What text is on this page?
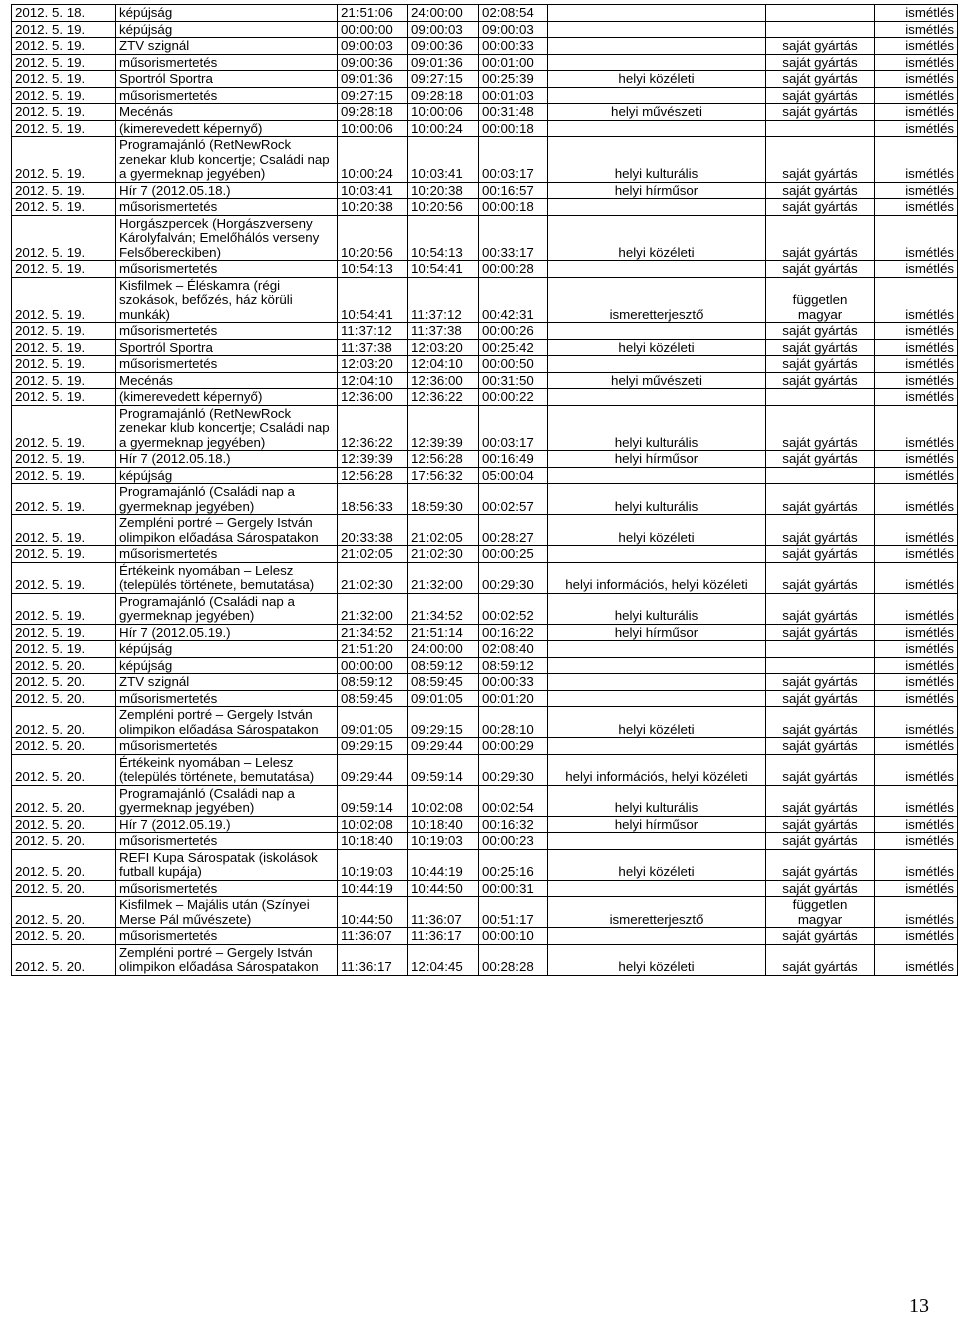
2012. 5. 18.	képújság	21:51:06	24:00:00	02:08:54			ismétlés
2012. 5. 19.	képújság	00:00:00	09:00:03	09:00:03			ismétlés
2012. 5. 19.	ZTV szignál	09:00:03	09:00:36	00:00:33		saját gyártás	ismétlés
2012. 5. 19.	műsorismertetés	09:00:36	09:01:36	00:01:00		saját gyártás	ismétlés
2012. 5. 19.	Sportról Sportra	09:01:36	09:27:15	00:25:39	helyi közéleti	saját gyártás	ismétlés
2012. 5. 19.	műsorismertetés	09:27:15	09:28:18	00:01:03		saját gyártás	ismétlés
2012. 5. 19.	Mecénás	09:28:18	10:00:06	00:31:48	helyi művészeti	saját gyártás	ismétlés
2012. 5. 19.	(kimerevedett képernyő)	10:00:06	10:00:24	00:00:18			ismétlés
2012. 5. 19.	Programajánló (RetNewRock zenekar klub koncertje; Családi nap a gyermeknap jegyében)	10:00:24	10:03:41	00:03:17	helyi kulturális	saját gyártás	ismétlés
2012. 5. 19.	Hír 7 (2012.05.18.)	10:03:41	10:20:38	00:16:57	helyi hírműsor	saját gyártás	ismétlés
2012. 5. 19.	műsorismertetés	10:20:38	10:20:56	00:00:18		saját gyártás	ismétlés
2012. 5. 19.	Horgászpercek (Horgászverseny Károlyfalván; Emelőhálós verseny Felsőbereckiben)	10:20:56	10:54:13	00:33:17	helyi közéleti	saját gyártás	ismétlés
2012. 5. 19.	műsorismertetés	10:54:13	10:54:41	00:00:28		saját gyártás	ismétlés
2012. 5. 19.	Kisfilmek – Éléskamra (régi szokások, befőzés, ház körüli munkák)	10:54:41	11:37:12	00:42:31	ismeretterjesztő	független magyar	ismétlés
2012. 5. 19.	műsorismertetés	11:37:12	11:37:38	00:00:26		saját gyártás	ismétlés
2012. 5. 19.	Sportról Sportra	11:37:38	12:03:20	00:25:42	helyi közéleti	saját gyártás	ismétlés
2012. 5. 19.	műsorismertetés	12:03:20	12:04:10	00:00:50		saját gyártás	ismétlés
2012. 5. 19.	Mecénás	12:04:10	12:36:00	00:31:50	helyi művészeti	saját gyártás	ismétlés
2012. 5. 19.	(kimerevedett képernyő)	12:36:00	12:36:22	00:00:22			ismétlés
2012. 5. 19.	Programajánló (RetNewRock zenekar klub koncertje; Családi nap a gyermeknap jegyében)	12:36:22	12:39:39	00:03:17	helyi kulturális	saját gyártás	ismétlés
2012. 5. 19.	Hír 7 (2012.05.18.)	12:39:39	12:56:28	00:16:49	helyi hírműsor	saját gyártás	ismétlés
2012. 5. 19.	képújság	12:56:28	17:56:32	05:00:04			ismétlés
2012. 5. 19.	Programajánló (Családi nap a gyermeknap jegyében)	18:56:33	18:59:30	00:02:57	helyi kulturális	saját gyártás	ismétlés
2012. 5. 19.	Zempléni portré – Gergely István olimpikon előadása Sárospatakon	20:33:38	21:02:05	00:28:27	helyi közéleti	saját gyártás	ismétlés
2012. 5. 19.	műsorismertetés	21:02:05	21:02:30	00:00:25		saját gyártás	ismétlés
2012. 5. 19.	Értékeink nyomában – Lelesz (település története, bemutatása)	21:02:30	21:32:00	00:29:30	helyi információs, helyi közéleti	saját gyártás	ismétlés
2012. 5. 19.	Programajánló (Családi nap a gyermeknap jegyében)	21:32:00	21:34:52	00:02:52	helyi kulturális	saját gyártás	ismétlés
2012. 5. 19.	Hír 7 (2012.05.19.)	21:34:52	21:51:14	00:16:22	helyi hírműsor	saját gyártás	ismétlés
2012. 5. 19.	képújság	21:51:20	24:00:00	02:08:40			ismétlés
2012. 5. 20.	képújság	00:00:00	08:59:12	08:59:12			ismétlés
2012. 5. 20.	ZTV szignál	08:59:12	08:59:45	00:00:33		saját gyártás	ismétlés
2012. 5. 20.	műsorismertetés	08:59:45	09:01:05	00:01:20		saját gyártás	ismétlés
2012. 5. 20.	Zempléni portré – Gergely István olimpikon előadása Sárospatakon	09:01:05	09:29:15	00:28:10	helyi közéleti	saját gyártás	ismétlés
2012. 5. 20.	műsorismertetés	09:29:15	09:29:44	00:00:29		saját gyártás	ismétlés
2012. 5. 20.	Értékeink nyomában – Lelesz (település története, bemutatása)	09:29:44	09:59:14	00:29:30	helyi információs, helyi közéleti	saját gyártás	ismétlés
2012. 5. 20.	Programajánló (Családi nap a gyermeknap jegyében)	09:59:14	10:02:08	00:02:54	helyi kulturális	saját gyártás	ismétlés
2012. 5. 20.	Hír 7 (2012.05.19.)	10:02:08	10:18:40	00:16:32	helyi hírműsor	saját gyártás	ismétlés
2012. 5. 20.	műsorismertetés	10:18:40	10:19:03	00:00:23		saját gyártás	ismétlés
2012. 5. 20.	REFI Kupa Sárospatak (iskolások futball kupája)	10:19:03	10:44:19	00:25:16	helyi közéleti	saját gyártás	ismétlés
2012. 5. 20.	műsorismertetés	10:44:19	10:44:50	00:00:31		saját gyártás	ismétlés
2012. 5. 20.	Kisfilmek – Majális után (Színyei Merse Pál művészete)	10:44:50	11:36:07	00:51:17	ismeretterjesztő	független magyar	ismétlés
2012. 5. 20.	műsorismertetés	11:36:07	11:36:17	00:00:10		saját gyártás	ismétlés
2012. 5. 20.	Zempléni portré – Gergely István olimpikon előadása Sárospatakon	11:36:17	12:04:45	00:28:28	helyi közéleti	saját gyártás	ismétlés
13
